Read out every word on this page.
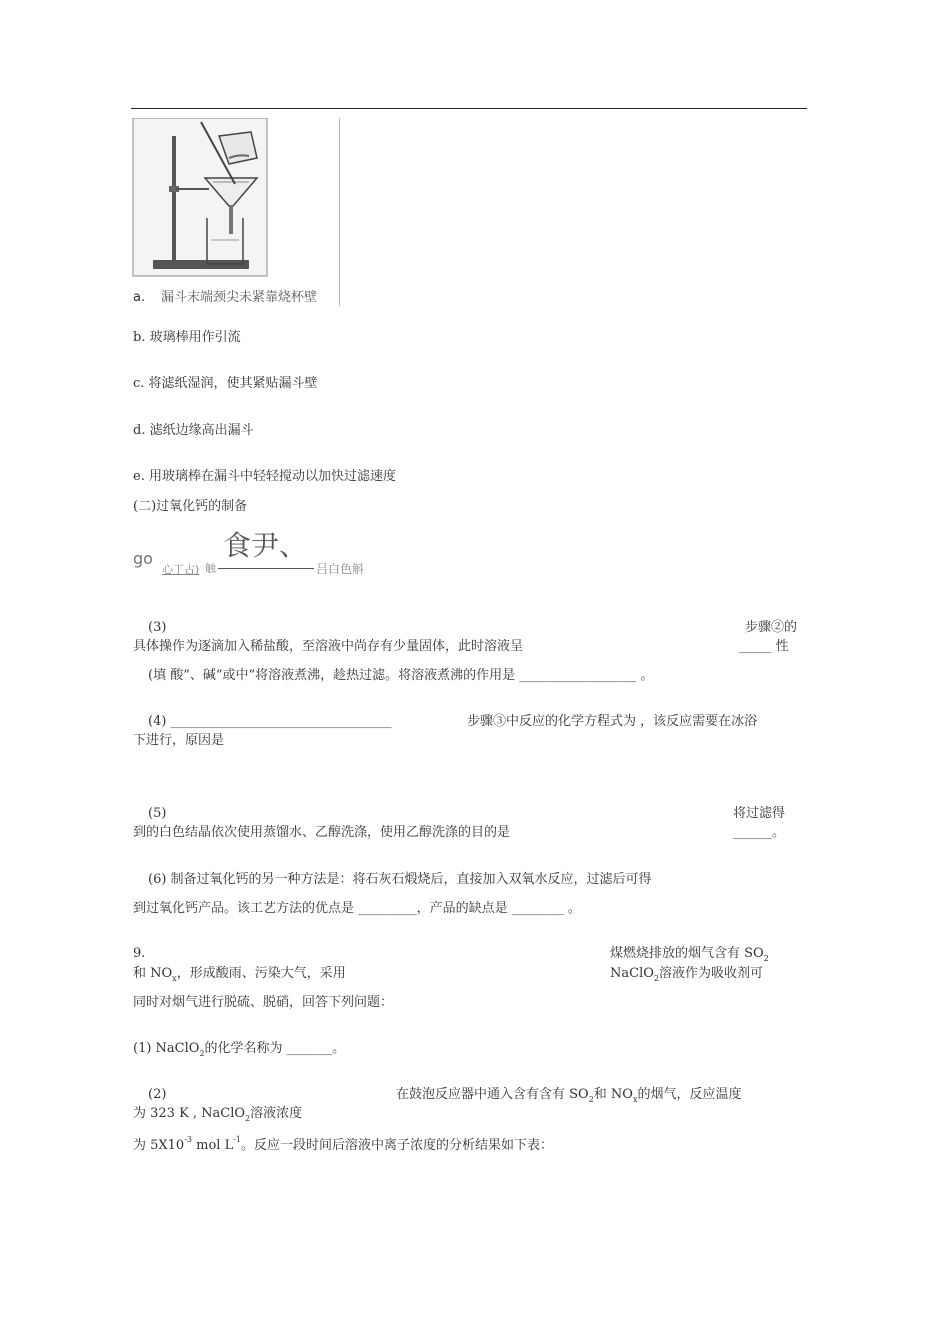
a. 漏斗末端颈尖未紧靠烧杯壁
b. 玻璃棒用作引流
c. 将滤纸湿润，使其紧贴漏斗壁
d. 滤纸边缘高出漏斗
e. 用玻璃棒在漏斗中轻轻搅动以加快过滤速度
(二)过氧化钙的制备
go
心丁占) 触
食尹、
吕白色斛
(3)	步骤②的
具体操作为逐滴加入稀盐酸，至溶液中尚存有少量固体，此时溶液呈	_____ 性
(填 酸”、碱”或中”将溶液煮沸，趁热过滤。将溶液煮沸的作用是 __________________ 。
(4) __________________________________	步骤③中反应的化学方程式为 ，该反应需要在冰浴
下进行，原因是
(5)	将过滤得
到的白色结晶依次使用蒸馏水、乙醇洗涤，使用乙醇洗涤的目的是	______。
(6) 制备过氧化钙的另一种方法是：将石灰石煅烧后，直接加入双氧水反应，过滤后可得
到过氧化钙产品。该工艺方法的优点是 _________，产品的缺点是 ________ 。
9.	煤燃烧排放的烟气含有 $SO_2$
和 $NO_x$，形成酸雨、污染大气，采用	NaClO$_2$溶液作为吸收剂可
同时对烟气进行脱硫、脱硝，回答下列问题：
(1) NaClO$_2$的化学名称为 _______。
(2)	在鼓泡反应器中通入含有含有 $SO_2$和 $NO_x$的烟气，反应温度
为 323 K , NaClO$_2$溶液浓度
为 $5X10^{-3}$ mol $L^{-1}$。反应一段时间后溶液中离子浓度的分析结果如下表：
